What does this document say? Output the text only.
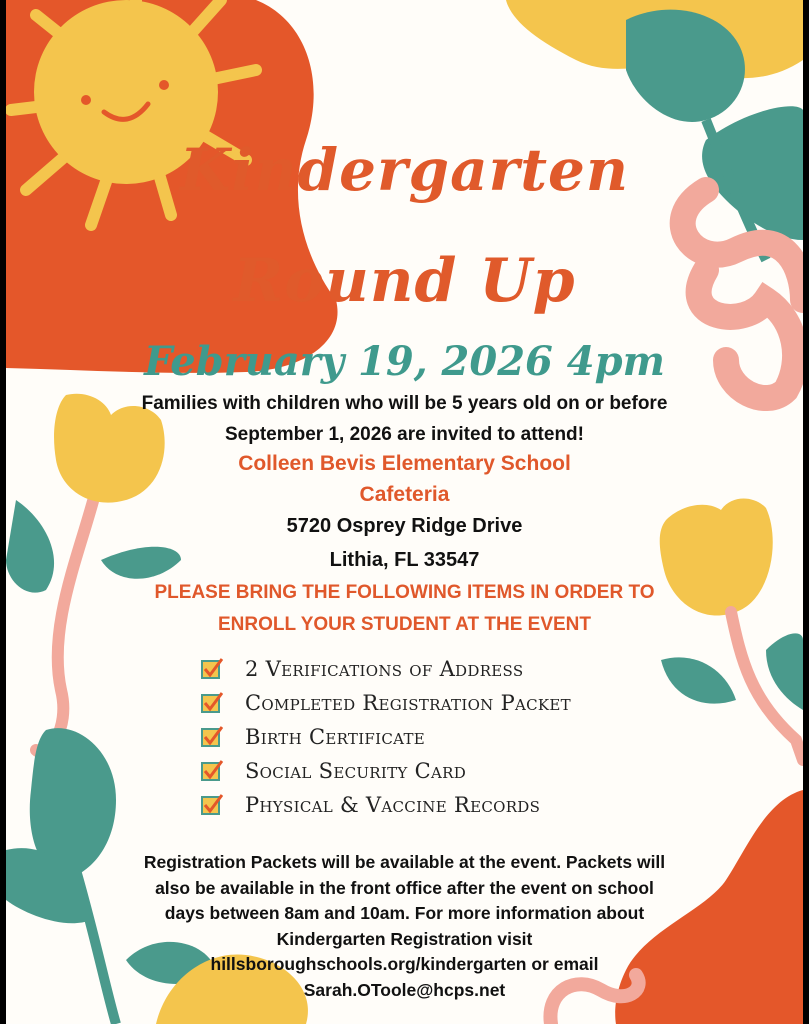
Kindergarten
Round Up
February 19, 2026 4pm

Families with children who will be 5 years old on or before

September 1, 2026 are invited to attend!

Colleen Bevis Elementary School

Cafeteria

5720 Osprey Ridge Drive

Lithia, FL 33547

PLEASE BRING THE FOLLOWING ITEMS IN ORDER TO

ENROLL YOUR STUDENT AT THE EVENT

2 Verifications of Address
Completed Registration Packet
Birth Certificate
Social Security Card
Physical & Vaccine Records

Registration Packets will be available at the event. Packets will

also be available in the front office after the event on school

days between 8am and 10am. For more information about

Kindergarten Registration visit

hillsboroughschools.org/kindergarten or email

Sarah.OToole@hcps.net
